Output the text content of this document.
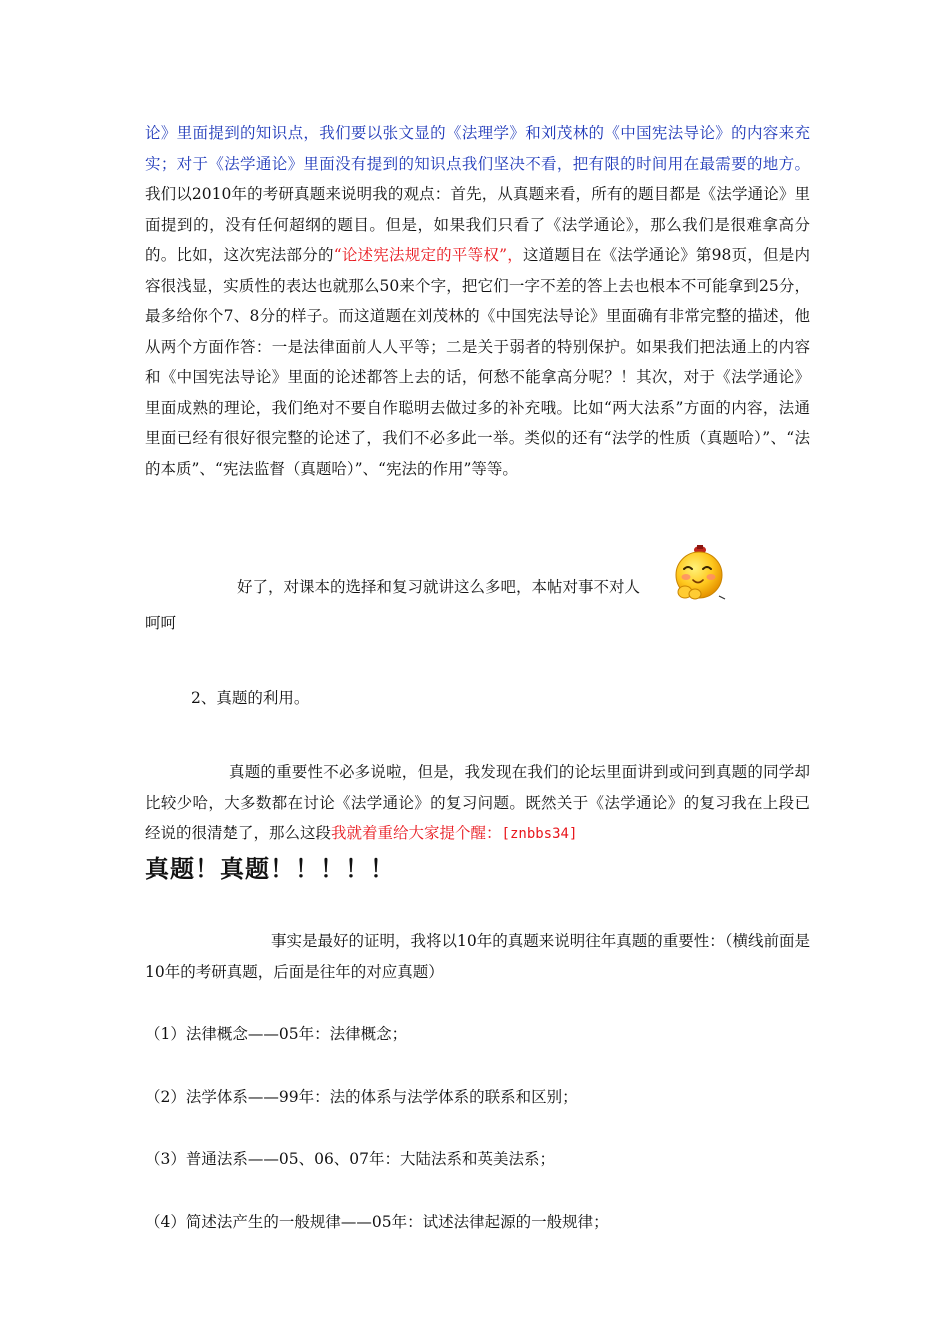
论》里面提到的知识点，我们要以张文显的《法理学》和刘茂林的《中国宪法导论》的内容来充实；对于《法学通论》里面没有提到的知识点我们坚决不看，把有限的时间用在最需要的地方。我们以2010年的考研真题来说明我的观点：首先，从真题来看，所有的题目都是《法学通论》里面提到的，没有任何超纲的题目。但是，如果我们只看了《法学通论》，那么我们是很难拿高分的。比如，这次宪法部分的“论述宪法规定的平等权”，这道题目在《法学通论》第98页，但是内容很浅显，实质性的表达也就那么50来个字，把它们一字不差的答上去也根本不可能拿到25分，最多给你个7、8分的样子。而这道题在刘茂林的《中国宪法导论》里面确有非常完整的描述，他从两个方面作答：一是法律面前人人平等；二是关于弱者的特别保护。如果我们把法通上的内容和《中国宪法导论》里面的论述都答上去的话，何愁不能拿高分呢？！其次，对于《法学通论》里面成熟的理论，我们绝对不要自作聪明去做过多的补充哦。比如“两大法系”方面的内容，法通里面已经有很好很完整的论述了，我们不必多此一举。类似的还有“法学的性质（真题哈）”、“法的本质”、“宪法监督（真题哈）”、“宪法的作用”等等。

好了，对课本的选择和复习就讲这么多吧，本帖对事不对人
呵呵
2、真题的利用。

真题的重要性不必多说啦，但是，我发现在我们的论坛里面讲到或问到真题的同学却比较少哈，大多数都在讨论《法学通论》的复习问题。既然关于《法学通论》的复习我在上段已经说的很清楚了，那么这段我就着重给大家提个醒：[znbbs34]

真题！真题！！！！！

事实是最好的证明，我将以10年的真题来说明往年真题的重要性：（横线前面是10年的考研真题，后面是往年的对应真题）

（1）法律概念——05年：法律概念；
（2）法学体系——99年：法的体系与法学体系的联系和区别；
（3）普通法系——05、06、07年：大陆法系和英美法系；
（4）简述法产生的一般规律——05年：试述法律起源的一般规律；
